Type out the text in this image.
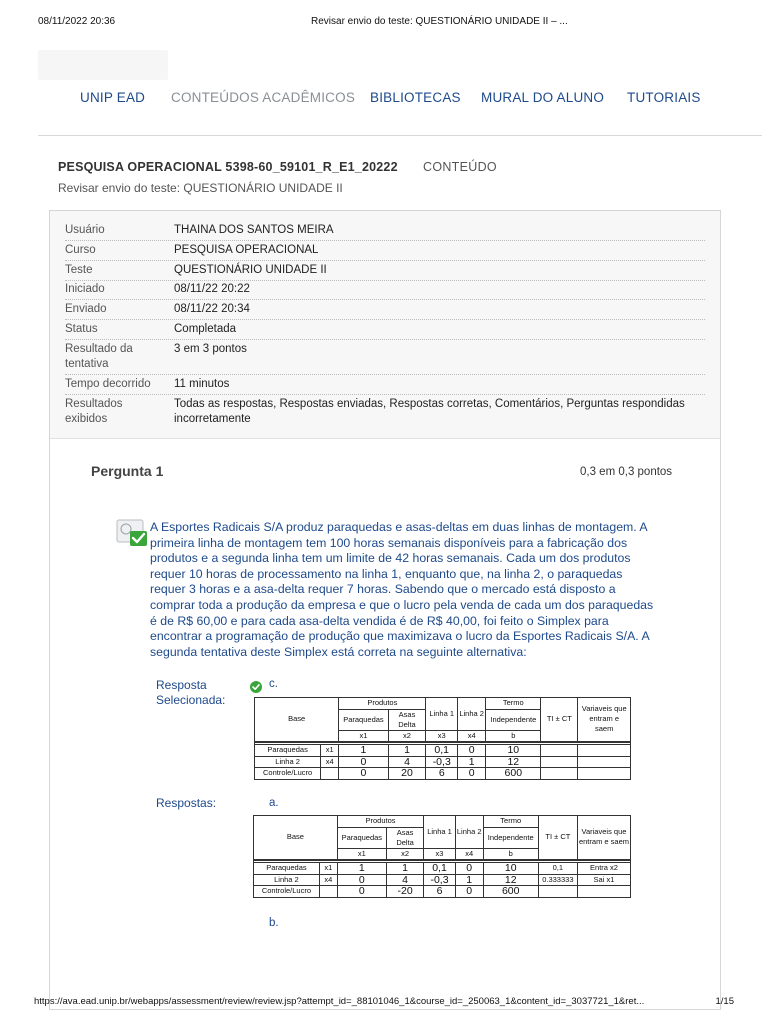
08/11/2022 20:36	Revisar envio do teste: QUESTIONÁRIO UNIDADE II – ...
UNIP EAD CONTEÚDOS ACADÊMICOS BIBLIOTECAS MURAL DO ALUNO TUTORIAIS
PESQUISA OPERACIONAL 5398-60_59101_R_E1_20222 CONTEÚDO
Revisar envio do teste: QUESTIONÁRIO UNIDADE II
Usuário	THAINA DOS SANTOS MEIRA
Curso	PESQUISA OPERACIONAL
Teste	QUESTIONÁRIO UNIDADE II
Iniciado	08/11/22 20:22
Enviado	08/11/22 20:34
Status	Completada
Resultado da tentativa
3 em 3 pontos
Tempo decorrido	11 minutos
Resultados exibidos
Todas as respostas, Respostas enviadas, Respostas corretas, Comentários, Perguntas respondidas incorretamente
Pergunta 1	0,3 em 0,3 pontos
A Esportes Radicais S/A produz paraquedas e asas-deltas em duas linhas de montagem. A primeira linha de montagem tem 100 horas semanais disponíveis para a fabricação dos produtos e a segunda linha tem um limite de 42 horas semanais. Cada um dos produtos requer 10 horas de processamento na linha 1, enquanto que, na linha 2, o paraquedas requer 3 horas e a asa-delta requer 7 horas. Sabendo que o mercado está disposto a comprar toda a produção da empresa e que o lucro pela venda de cada um dos paraquedas é de R$ 60,00 e para cada asa-delta vendida é de R$ 40,00, foi feito o Simplex para encontrar a programação de produção que maximizava o lucro da Esportes Radicais S/A. A segunda tentativa deste Simplex está correta na seguinte alternativa:
Resposta Selecionada:
c.
Base		Produtos		Linha 1	Linha 2	Termo	TI ± CT	Variaveis que entram e saem
		Paraquedas	Asas Delta			Independente		
		x1	x2	x3	x4	b		

Paraquedas	x1	1	1	0,1	0	10		
Linha 2	x4	0	4	-0,3	1	12		
Controle/Lucro		0	20	6	0	600		
Respostas:	a.
Base		Produtos		Linha 1	Linha 2	Termo	TI ± CT	Variaveis que entram e saem
		Paraquedas	Asas Delta			Independente		
		x1	x2	x3	x4	b		

Paraquedas	x1	1	1	0,1	0	10	0,1	Entra x2
Linha 2	x4	0	4	-0,3	1	12	0.333333	Sai x1
Controle/Lucro		0	-20	6	0	600		
b.
https://ava.ead.unip.br/webapps/assessment/review/review.jsp?attempt_id=_88101046_1&course_id=_250063_1&content_id=_3037721_1&ret...	1/15
